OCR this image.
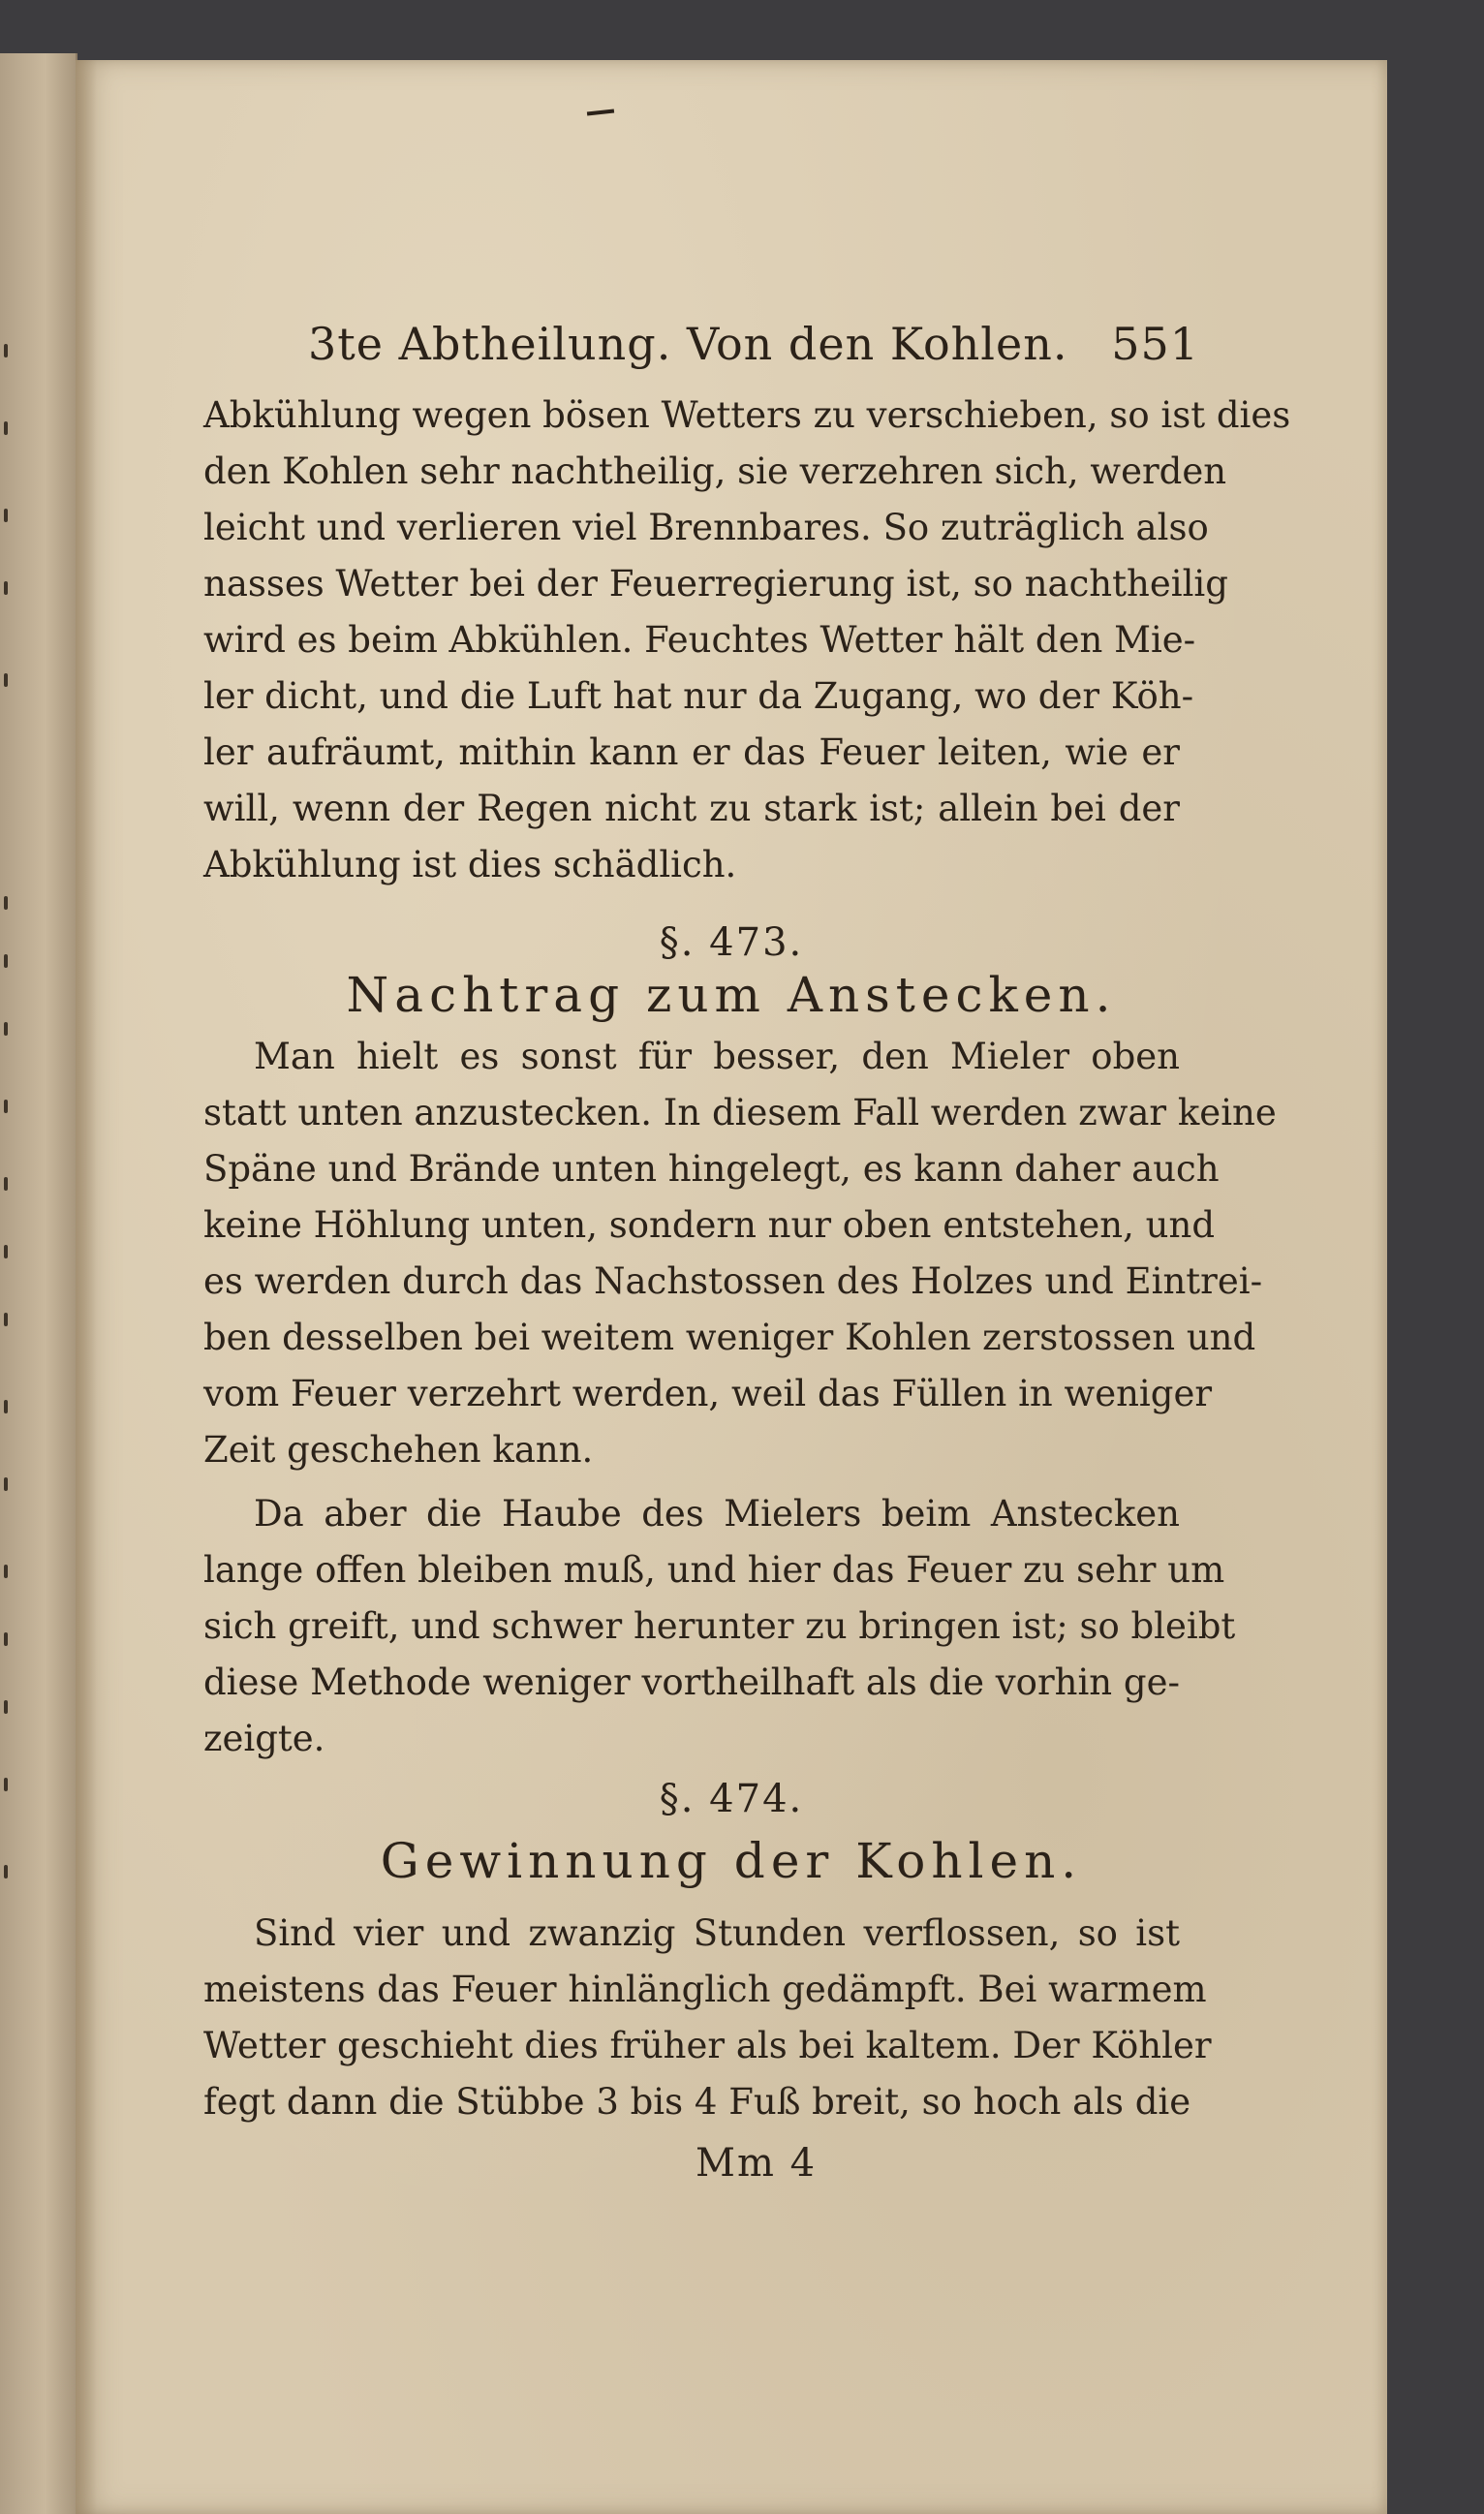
3te Abtheilung. Von den Kohlen. 551
Abkühlung wegen bösen Wetters zu verschieben, so ist dies
den Kohlen sehr nachtheilig, sie verzehren sich, werden
leicht und verlieren viel Brennbares. So zuträglich also
nasses Wetter bei der Feuerregierung ist, so nachtheilig
wird es beim Abkühlen. Feuchtes Wetter hält den Mie-
ler dicht, und die Luft hat nur da Zugang, wo der Köh-
ler aufräumt, mithin kann er das Feuer leiten, wie er
will, wenn der Regen nicht zu stark ist; allein bei der
Abkühlung ist dies schädlich.
§. 473.
Nachtrag zum Anstecken.
Man hielt es sonst für besser, den Mieler oben
statt unten anzustecken. In diesem Fall werden zwar keine
Späne und Brände unten hingelegt, es kann daher auch
keine Höhlung unten, sondern nur oben entstehen, und
es werden durch das Nachstossen des Holzes und Eintrei-
ben desselben bei weitem weniger Kohlen zerstossen und
vom Feuer verzehrt werden, weil das Füllen in weniger
Zeit geschehen kann.
Da aber die Haube des Mielers beim Anstecken
lange offen bleiben muß, und hier das Feuer zu sehr um
sich greift, und schwer herunter zu bringen ist; so bleibt
diese Methode weniger vortheilhaft als die vorhin ge-
zeigte.
§. 474.
Gewinnung der Kohlen.
Sind vier und zwanzig Stunden verflossen, so ist
meistens das Feuer hinlänglich gedämpft. Bei warmem
Wetter geschieht dies früher als bei kaltem. Der Köhler
fegt dann die Stübbe 3 bis 4 Fuß breit, so hoch als die
Mm 4
